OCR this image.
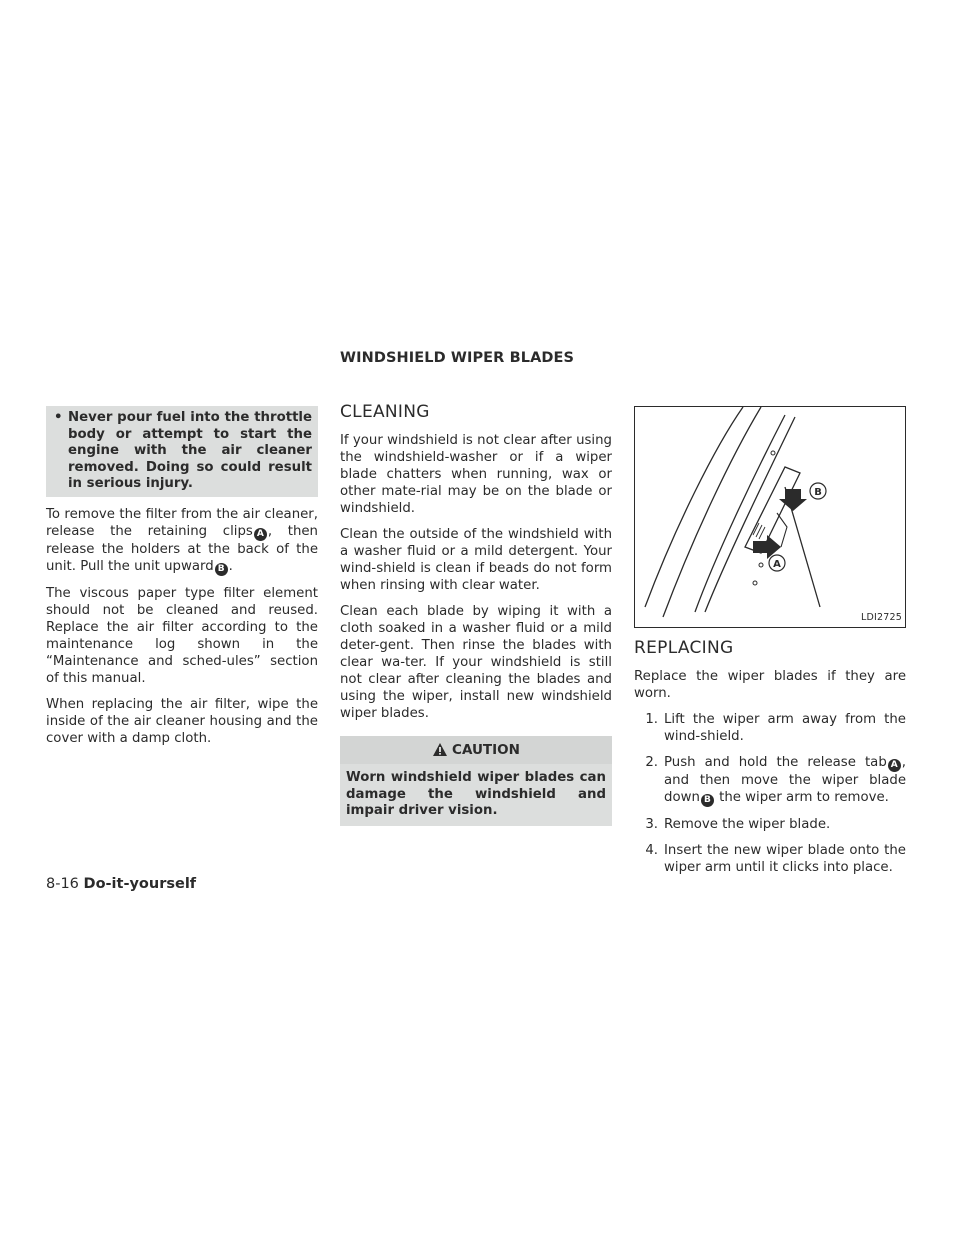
WINDSHIELD WIPER BLADES
• Never pour fuel into the throttle body or attempt to start the engine with the air cleaner removed. Doing so could result in serious injury.

To remove the filter from the air cleaner, release the retaining clips A , then release the holders at the back of the unit. Pull the unit upward B .

The viscous paper type filter element should not be cleaned and reused. Replace the air filter according to the maintenance log shown in the “Maintenance and sched-ules” section of this manual.

When replacing the air filter, wipe the inside of the air cleaner housing and the cover with a damp cloth.

CLEANING

If your windshield is not clear after using the windshield-washer or if a wiper blade chatters when running, wax or other mate-rial may be on the blade or windshield.

Clean the outside of the windshield with a washer fluid or a mild detergent. Your wind-shield is clean if beads do not form when rinsing with clear water.

Clean each blade by wiping it with a cloth soaked in a washer fluid or a mild deter-gent. Then rinse the blades with clear wa-ter. If your windshield is still not clear after cleaning the blades and using the wiper, install new windshield wiper blades.

CAUTION
Worn windshield wiper blades can damage the windshield and impair driver vision.
B
A
LDI2725
REPLACING

Replace the wiper blades if they are worn.

1. Lift the wiper arm away from the wind-shield.
2. Push and hold the release tab A , and then move the wiper blade down B the wiper arm to remove.
3. Remove the wiper blade.
4. Insert the new wiper blade onto the wiper arm until it clicks into place.
8-16 Do-it-yourself
